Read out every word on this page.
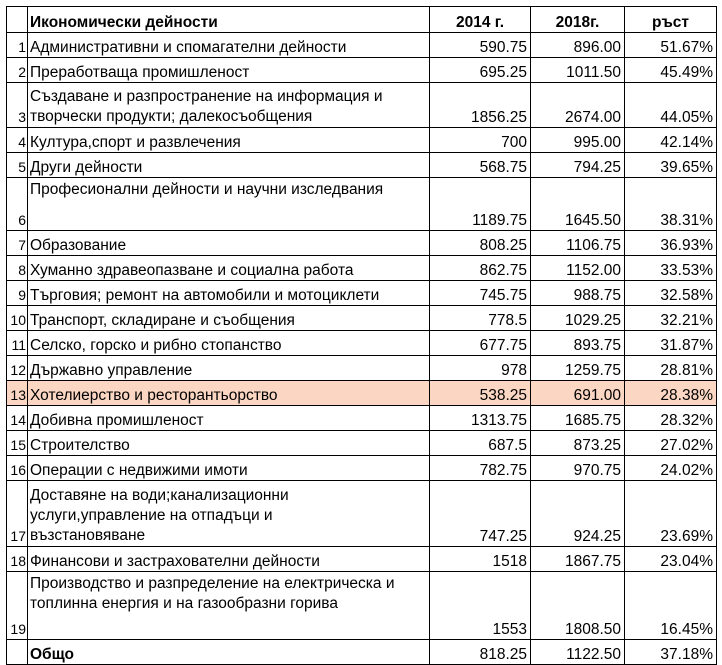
	Икономически дейности	2014 г.	2018г.	ръст
1	Административни и спомагателни дейности	590.75	896.00	51.67%
2	Преработваща промишленост	695.25	1011.50	45.49%
3	Създаване и разпространение на информация и творчески продукти; далекосъобщения	1856.25	2674.00	44.05%
4	Култура,спорт и развлечения	700	995.00	42.14%
5	Други дейности	568.75	794.25	39.65%
6	Професионални дейности и научни изследвания	1189.75	1645.50	38.31%
7	Образование	808.25	1106.75	36.93%
8	Хуманно здравеопазване и социална работа	862.75	1152.00	33.53%
9	Търговия; ремонт на автомобили и мотоциклети	745.75	988.75	32.58%
10	Транспорт, складиране и съобщения	778.5	1029.25	32.21%
11	Селско, горско и рибно стопанство	677.75	893.75	31.87%
12	Държавно управление	978	1259.75	28.81%
13	Хотелиерство и ресторантьорство	538.25	691.00	28.38%
14	Добивна промишленост	1313.75	1685.75	28.32%
15	Строителство	687.5	873.25	27.02%
16	Операции с недвижими имоти	782.75	970.75	24.02%
17	Доставяне на води;канализационни услуги,управление на отпадъци и възстановяване	747.25	924.25	23.69%
18	Финансови и застрахователни дейности	1518	1867.75	23.04%
19	Производство и разпределение на електрическа и топлинна енергия и на газообразни горива	1553	1808.50	16.45%
	Общо	818.25	1122.50	37.18%
